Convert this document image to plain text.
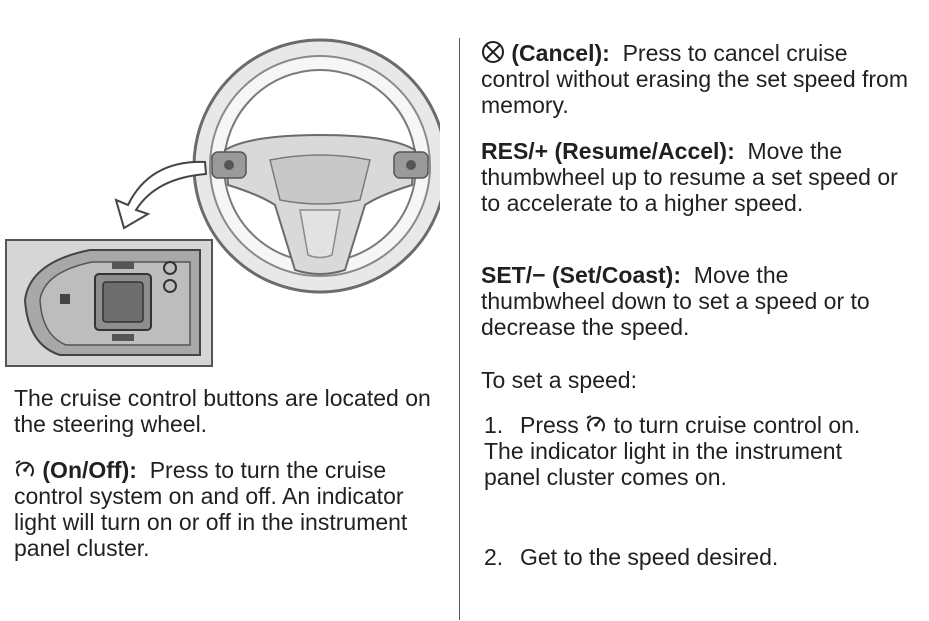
The cruise control buttons are located on the steering wheel.

(On/Off): Press to turn the cruise control system on and off. An indicator light will turn on or off in the instrument panel cluster.

(Cancel): Press to cancel cruise control without erasing the set speed from memory.

RES/+ (Resume/Accel): Move the thumbwheel up to resume a set speed or to accelerate to a higher speed.

SET/− (Set/Coast): Move the thumbwheel down to set a speed or to decrease the speed.

To set a speed:

1. Press to turn cruise control on. The indicator light in the instrument panel cluster comes on.

2. Get to the speed desired.
